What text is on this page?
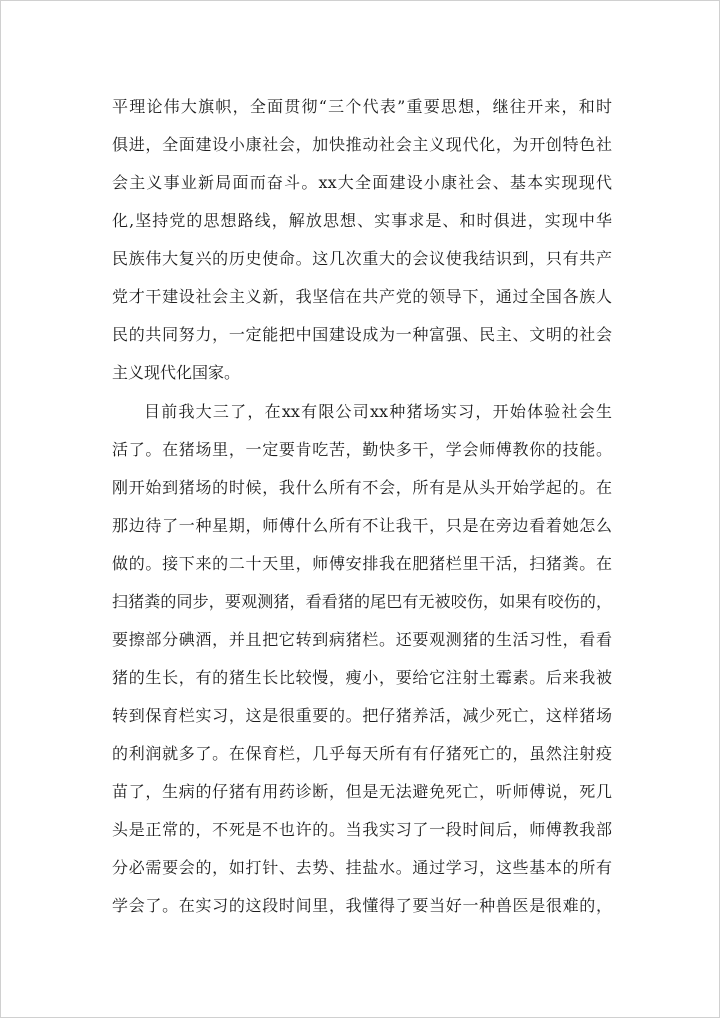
平理论伟大旗帜，全面贯彻“三个代表”重要思想，继往开来，和时
俱进，全面建设小康社会，加快推动社会主义现代化，为开创特色社
会主义事业新局面而奋斗。xx大全面建设小康社会、基本实现现代
化,坚持党的思想路线，解放思想、实事求是、和时俱进，实现中华
民族伟大复兴的历史使命。这几次重大的会议使我结识到，只有共产
党才干建设社会主义新，我坚信在共产党的领导下，通过全国各族人
民的共同努力，一定能把中国建设成为一种富强、民主、文明的社会
主义现代化国家。
目前我大三了，在xx有限公司xx种猪场实习，开始体验社会生
活了。在猪场里，一定要肯吃苦，勤快多干，学会师傅教你的技能。
刚开始到猪场的时候，我什么所有不会，所有是从头开始学起的。在
那边待了一种星期，师傅什么所有不让我干，只是在旁边看着她怎么
做的。接下来的二十天里，师傅安排我在肥猪栏里干活，扫猪粪。在
扫猪粪的同步，要观测猪，看看猪的尾巴有无被咬伤，如果有咬伤的，
要擦部分碘酒，并且把它转到病猪栏。还要观测猪的生活习性，看看
猪的生长，有的猪生长比较慢，瘦小，要给它注射土霉素。后来我被
转到保育栏实习，这是很重要的。把仔猪养活，减少死亡，这样猪场
的利润就多了。在保育栏，几乎每天所有有仔猪死亡的，虽然注射疫
苗了，生病的仔猪有用药诊断，但是无法避免死亡，听师傅说，死几
头是正常的，不死是不也许的。当我实习了一段时间后，师傅教我部
分必需要会的，如打针、去势、挂盐水。通过学习，这些基本的所有
学会了。在实习的这段时间里，我懂得了要当好一种兽医是很难的，
